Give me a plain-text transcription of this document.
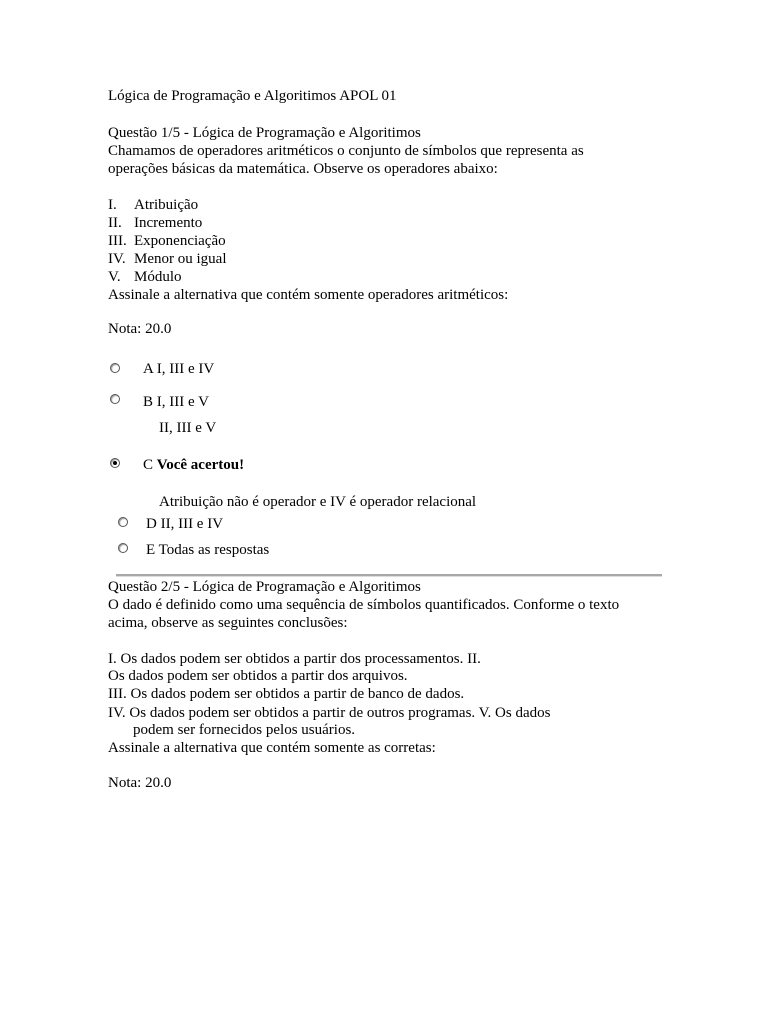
Lógica de Programação e Algoritimos APOL 01
Questão 1/5 - Lógica de Programação e Algoritimos
Chamamos de operadores aritméticos o conjunto de símbolos que representa as
operações básicas da matemática. Observe os operadores abaixo:
I. Atribuição
II. Incremento
III. Exponenciação
IV. Menor ou igual
V. Módulo
Assinale a alternativa que contém somente operadores aritméticos:
Nota: 20.0
A I, III e IV
B I, III e V
II, III e V
C Você acertou!
Atribuição não é operador e IV é operador relacional
D II, III e IV
E Todas as respostas
Questão 2/5 - Lógica de Programação e Algoritimos
O dado é definido como uma sequência de símbolos quantificados. Conforme o texto
acima, observe as seguintes conclusões:
I. Os dados podem ser obtidos a partir dos processamentos. II.
Os dados podem ser obtidos a partir dos arquivos.
III. Os dados podem ser obtidos a partir de banco de dados.
IV. Os dados podem ser obtidos a partir de outros programas. V. Os dados
podem ser fornecidos pelos usuários.
Assinale a alternativa que contém somente as corretas:
Nota: 20.0
